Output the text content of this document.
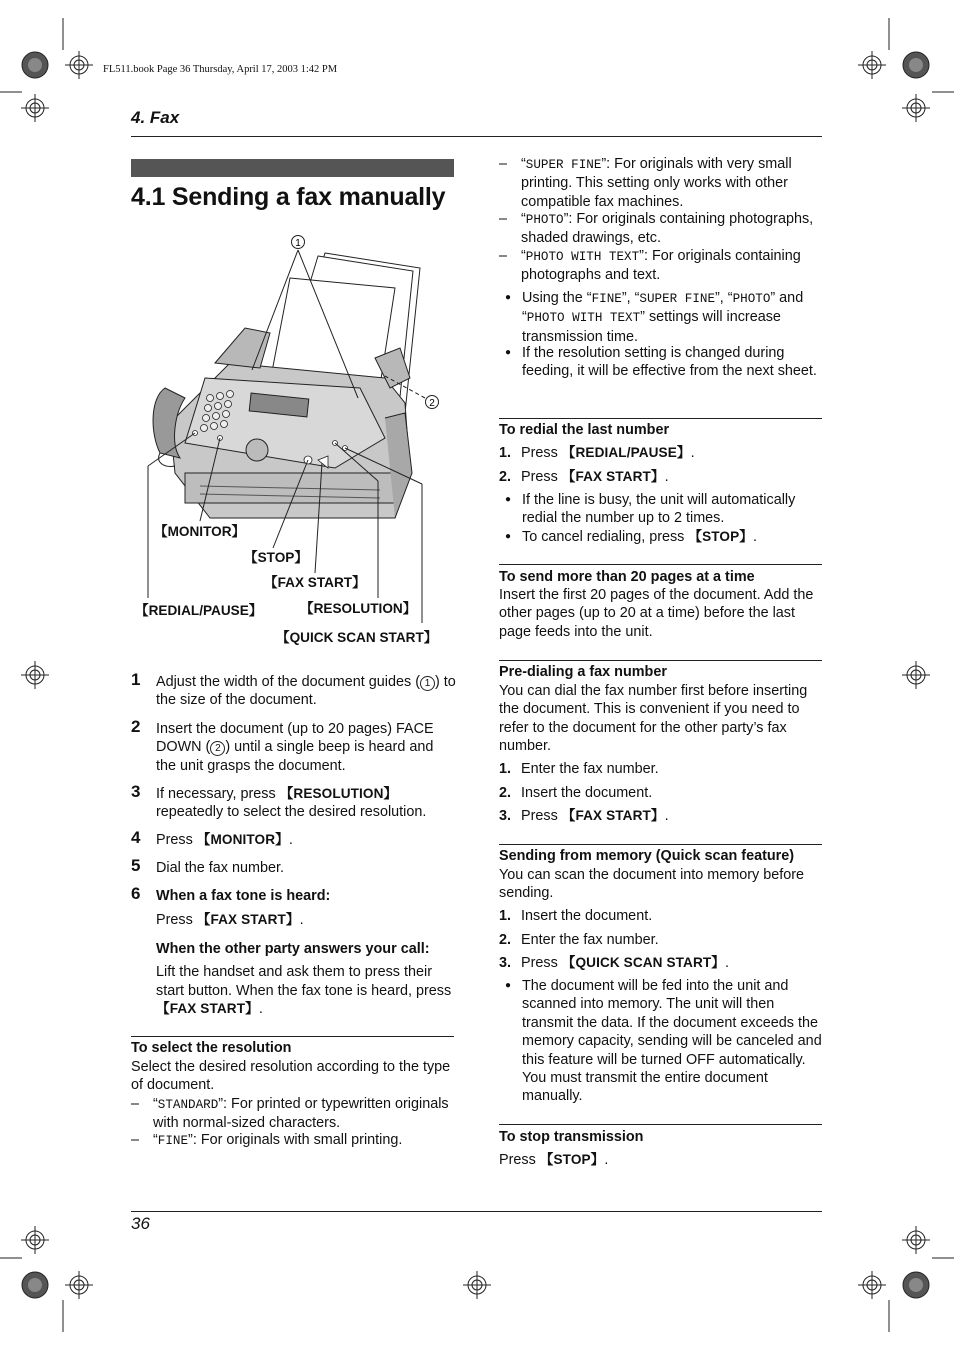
FL511.book Page 36 Thursday, April 17, 2003 1:42 PM
4. Fax
4.1 Sending a fax manually
1
2
【MONITOR】
【STOP】
【FAX START】
【REDIAL/PAUSE】	【RESOLUTION】
【QUICK SCAN START】
1 Adjust the width of the document guides ( 1 ) to the size of the document.
2 Insert the document (up to 20 pages) FACE DOWN ( 2 ) until a single beep is heard and the unit grasps the document.
3 If necessary, press 【RESOLUTION】 repeatedly to select the desired resolution.
4 Press 【MONITOR】.
5 Dial the fax number.
6 When a fax tone is heard:
Press 【FAX START】.
When the other party answers your call:
Lift the handset and ask them to press their start button. When the fax tone is heard, press 【FAX START】.
To select the resolution
Select the desired resolution according to the type of document.
– “STANDARD”: For printed or typewritten originals with normal-sized characters.
– “FINE”: For originals with small printing.
– “SUPER FINE”: For originals with very small printing. This setting only works with other compatible fax machines.
– “PHOTO”: For originals containing photographs, shaded drawings, etc.
– “PHOTO WITH TEXT”: For originals containing photographs and text.
● Using the “FINE”, “SUPER FINE”, “PHOTO” and “PHOTO WITH TEXT” settings will increase transmission time.
● If the resolution setting is changed during feeding, it will be effective from the next sheet.
To redial the last number
1. Press 【REDIAL/PAUSE】.
2. Press 【FAX START】.
● If the line is busy, the unit will automatically redial the number up to 2 times.
● To cancel redialing, press 【STOP】.
To send more than 20 pages at a time
Insert the first 20 pages of the document. Add the other pages (up to 20 at a time) before the last page feeds into the unit.
Pre-dialing a fax number
You can dial the fax number first before inserting the document. This is convenient if you need to refer to the document for the other party’s fax number.
1. Enter the fax number.
2. Insert the document.
3. Press 【FAX START】.
Sending from memory (Quick scan feature)
You can scan the document into memory before sending.
1. Insert the document.
2. Enter the fax number.
3. Press 【QUICK SCAN START】.
● The document will be fed into the unit and scanned into memory. The unit will then transmit the data. If the document exceeds the memory capacity, sending will be canceled and this feature will be turned OFF automatically. You must transmit the entire document manually.
To stop transmission
Press 【STOP】.
36
